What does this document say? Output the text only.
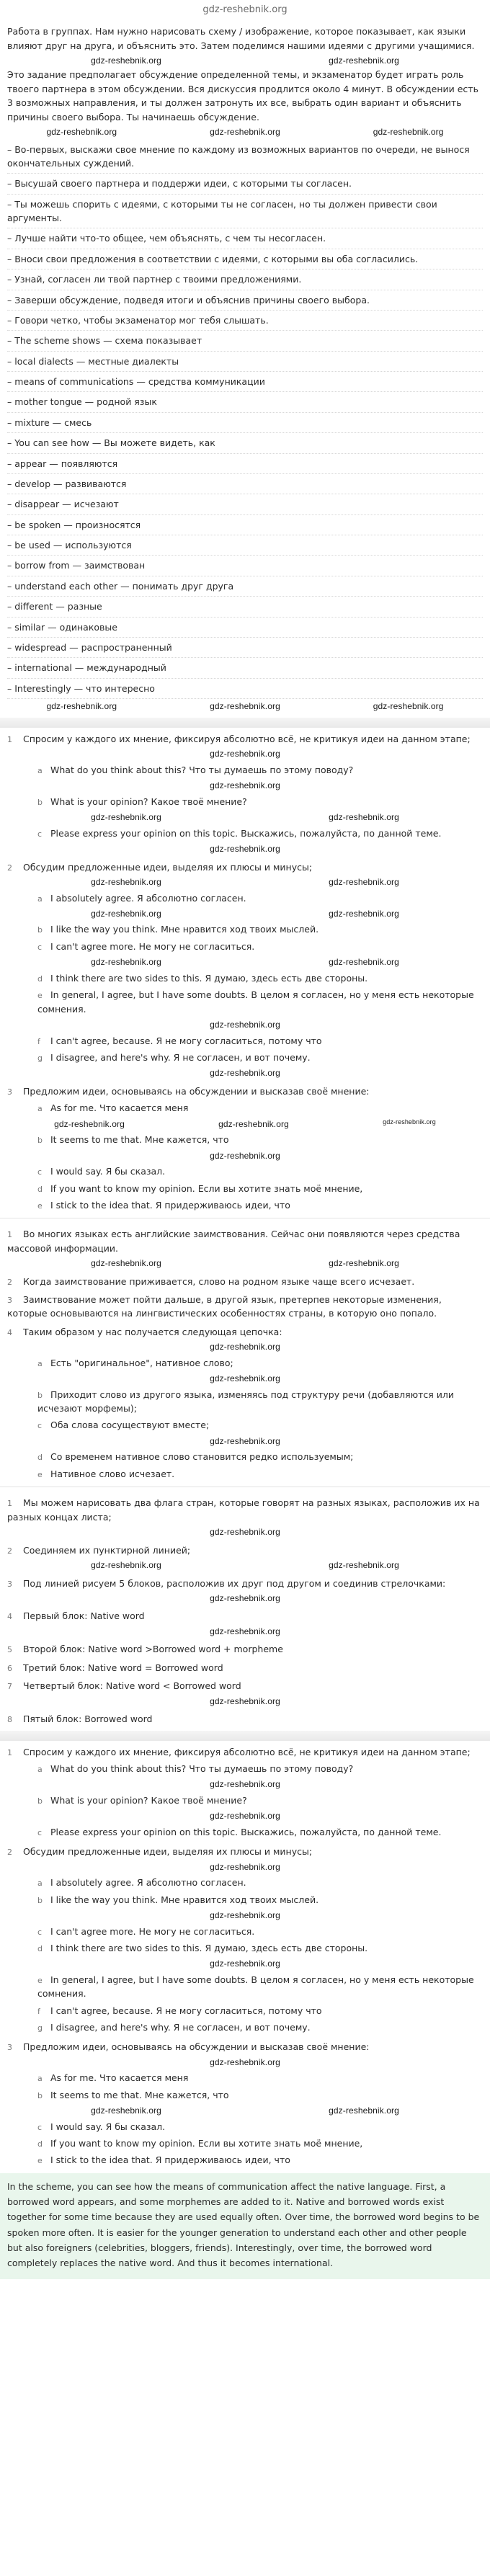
gdz-reshebnik.org

Работа в группах. Нам нужно нарисовать схему / изображение, которое показывает, как языки влияют друг на друга, и объяснить это. Затем поделимся нашими идеями с другими учащимися.

gdz-reshebnik.org	gdz-reshebnik.org

Это задание предполагает обсуждение определенной темы, и экзаменатор будет играть роль твоего партнера в этом обсуждении. Вся дискуссия продлится около 4 минут. В обсуждении есть 3 возможных направления, и ты должен затронуть их все, выбрать один вариант и объяснить причины своего выбора. Ты начинаешь обсуждение.

gdz-reshebnik.org	gdz-reshebnik.org	gdz-reshebnik.org
– Во-первых, выскажи свое мнение по каждому из возможных вариантов по очереди, не вынося окончательных суждений.
– Высушай своего партнера и поддержи идеи, с которыми ты согласен.
– Ты можешь спорить с идеями, с которыми ты не согласен, но ты должен привести свои аргументы.
– Лучше найти что-то общее, чем объяснять, с чем ты несогласен.
– Вноси свои предложения в соответствии с идеями, с которыми вы оба согласились.
– Узнай, согласен ли твой партнер с твоими предложениями.
– Заверши обсуждение, подведя итоги и объяснив причины своего выбора.
– Говори четко, чтобы экзаменатор мог тебя слышать.
– The scheme shows — схема показывает
– local dialects — местные диалекты
– means of communications — средства коммуникации
– mother tongue — родной язык
– mixture — смесь
– You can see how — Вы можете видеть, как
– appear — появляются
– develop — развиваются
– disappear — исчезают
– be spoken — произносятся
– be used — используются
– borrow from — заимствован
– understand each other — понимать друг друга
– different — разные
– similar — одинаковые
– widespread — распространенный
– international — международный
– Interestingly — что интересно
gdz-reshebnik.org	gdz-reshebnik.org	gdz-reshebnik.org
1 Спросим у каждого их мнение, фиксируя абсолютно всё, не критикуя идеи на данном этапе;
gdz-reshebnik.org
a What do you think about this? Что ты думаешь по этому поводу?
gdz-reshebnik.org
b What is your opinion? Какое твоё мнение?
gdz-reshebnik.org	gdz-reshebnik.org
c Please express your opinion on this topic. Выскажись, пожалуйста, по данной теме.
gdz-reshebnik.org
2 Обсудим предложенные идеи, выделяя их плюсы и минусы;
gdz-reshebnik.org	gdz-reshebnik.org
a I absolutely agree. Я абсолютно согласен.
gdz-reshebnik.org	gdz-reshebnik.org
b I like the way you think. Мне нравится ход твоих мыслей.
c I can't agree more. Не могу не согласиться.
gdz-reshebnik.org	gdz-reshebnik.org
d I think there are two sides to this. Я думаю, здесь есть две стороны.
e In general, I agree, but I have some doubts. В целом я согласен, но у меня есть некоторые сомнения.
gdz-reshebnik.org
f I can't agree, because. Я не могу согласиться, потому что
g I disagree, and here's why. Я не согласен, и вот почему.
gdz-reshebnik.org
3 Предложим идеи, основываясь на обсуждении и высказав своё мнение:
a As for me. Что касается меня
gdz-reshebnik.org	gdz-reshebnik.org	gdz-reshebnik.org
b It seems to me that. Мне кажется, что
gdz-reshebnik.org
c I would say. Я бы сказал.
d If you want to know my opinion. Если вы хотите знать моё мнение,
e I stick to the idea that. Я придерживаюсь идеи, что
1 Во многих языках есть английские заимствования. Сейчас они появляются через средства массовой информации.
gdz-reshebnik.org	gdz-reshebnik.org
2 Когда заимствование приживается, слово на родном языке чаще всего исчезает.
3 Заимствование может пойти дальше, в другой язык, претерпев некоторые изменения, которые основываются на лингвистических особенностях страны, в которую оно попало.
4 Таким образом у нас получается следующая цепочка:
gdz-reshebnik.org
a Есть "оригинальное", нативное слово;
gdz-reshebnik.org
b Приходит слово из другого языка, изменяясь под структуру речи (добавляются или исчезают морфемы);
c Оба слова сосуществуют вместе;
gdz-reshebnik.org
d Со временем нативное слово становится редко используемым;
e Нативное слово исчезает.
1 Мы можем нарисовать два флага стран, которые говорят на разных языках, расположив их на разных концах листа;
gdz-reshebnik.org
2 Соединяем их пунктирной линией;
gdz-reshebnik.org	gdz-reshebnik.org
3 Под линией рисуем 5 блоков, расположив их друг под другом и соединив стрелочками:
gdz-reshebnik.org
4 Первый блок: Native word
gdz-reshebnik.org
5 Второй блок: Native word >Borrowed word + morpheme
6 Третий блок: Native word = Borrowed word
7 Четвертый блок: Native word < Borrowed word
gdz-reshebnik.org
8 Пятый блок: Borrowed word
1 Спросим у каждого их мнение, фиксируя абсолютно всё, не критикуя идеи на данном этапе;
a What do you think about this? Что ты думаешь по этому поводу?
gdz-reshebnik.org
b What is your opinion? Какое твоё мнение?
gdz-reshebnik.org
c Please express your opinion on this topic. Выскажись, пожалуйста, по данной теме.
2 Обсудим предложенные идеи, выделяя их плюсы и минусы;
gdz-reshebnik.org
a I absolutely agree. Я абсолютно согласен.
b I like the way you think. Мне нравится ход твоих мыслей.
gdz-reshebnik.org
c I can't agree more. Не могу не согласиться.
d I think there are two sides to this. Я думаю, здесь есть две стороны.
gdz-reshebnik.org
e In general, I agree, but I have some doubts. В целом я согласен, но у меня есть некоторые сомнения.
f I can't agree, because. Я не могу согласиться, потому что
g I disagree, and here's why. Я не согласен, и вот почему.
3 Предложим идеи, основываясь на обсуждении и высказав своё мнение:
gdz-reshebnik.org
a As for me. Что касается меня
b It seems to me that. Мне кажется, что
gdz-reshebnik.org	gdz-reshebnik.org
c I would say. Я бы сказал.
d If you want to know my opinion. Если вы хотите знать моё мнение,
e I stick to the idea that. Я придерживаюсь идеи, что

In the scheme, you can see how the means of communication affect the native language. First, a borrowed word appears, and some morphemes are added to it. Native and borrowed words exist together for some time because they are used equally often. Over time, the borrowed word begins to be spoken more often. It is easier for the younger generation to understand each other and other people but also foreigners (celebrities, bloggers, friends). Interestingly, over time, the borrowed word completely replaces the native word. And thus it becomes international.
